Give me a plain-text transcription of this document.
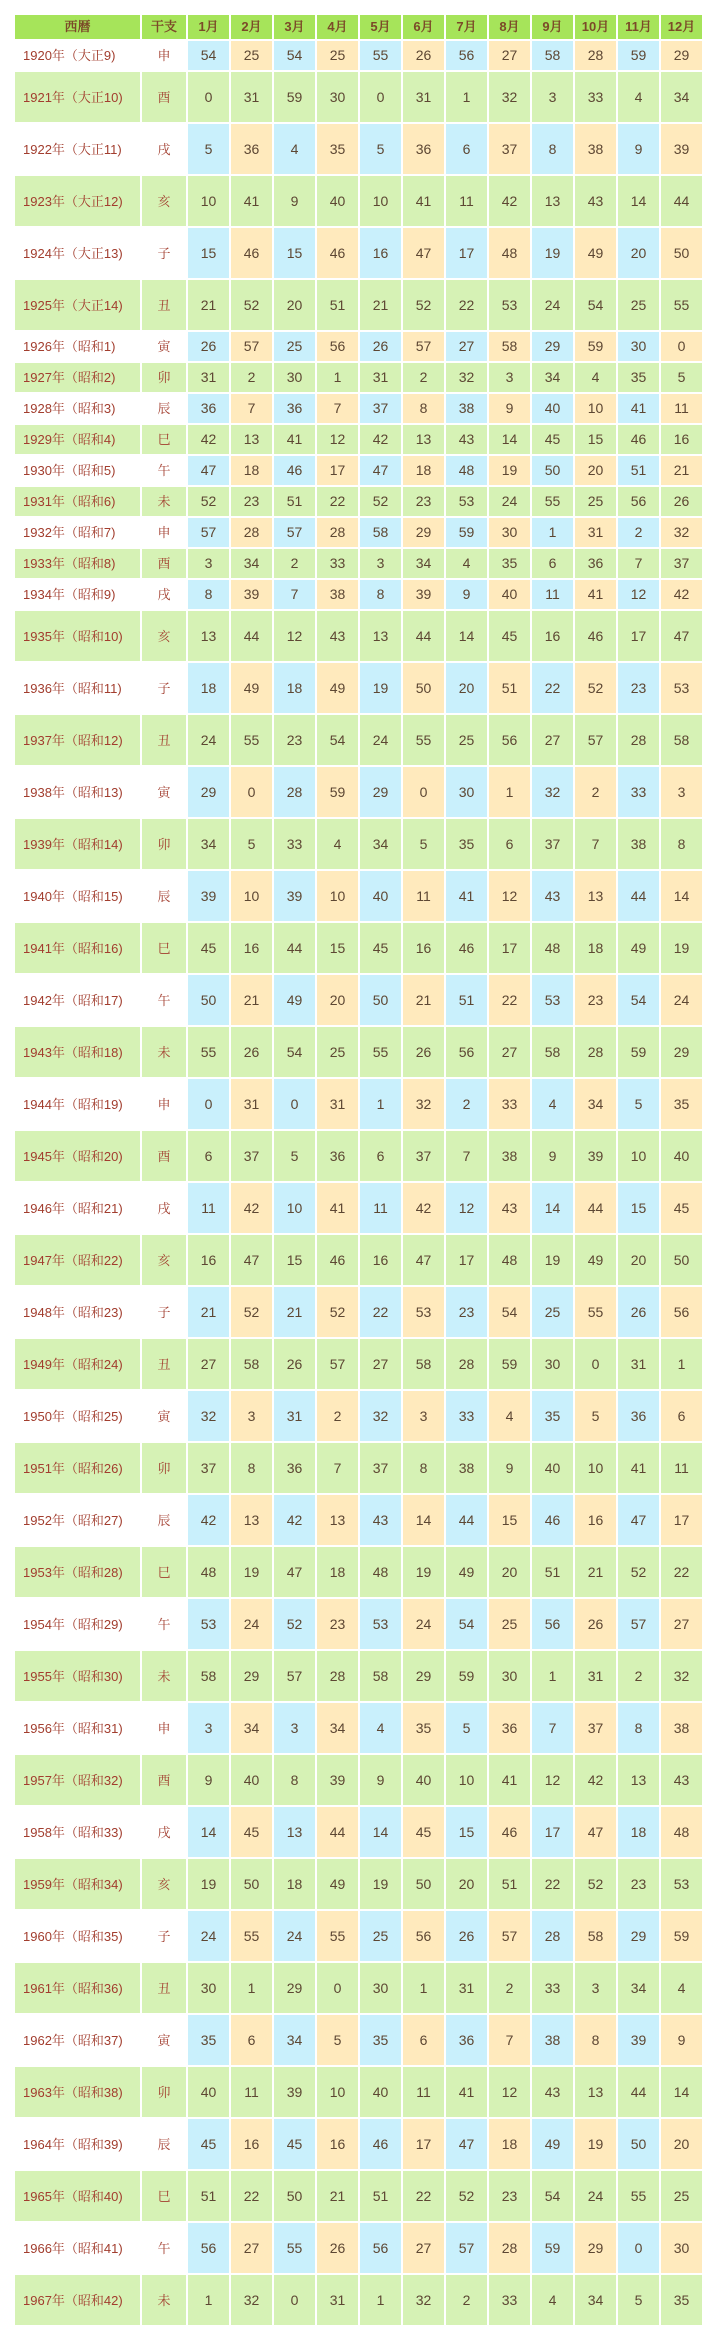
西暦	干支	1月	2月	3月	4月	5月	6月	7月	8月	9月	10月	11月	12月
1920年（大正9)	申	54	25	54	25	55	26	56	27	58	28	59	29
1921年（大正10)	酉	0	31	59	30	0	31	1	32	3	33	4	34
1922年（大正11)	戌	5	36	4	35	5	36	6	37	8	38	9	39
1923年（大正12)	亥	10	41	9	40	10	41	11	42	13	43	14	44
1924年（大正13)	子	15	46	15	46	16	47	17	48	19	49	20	50
1925年（大正14)	丑	21	52	20	51	21	52	22	53	24	54	25	55
1926年（昭和1)	寅	26	57	25	56	26	57	27	58	29	59	30	0
1927年（昭和2)	卯	31	2	30	1	31	2	32	3	34	4	35	5
1928年（昭和3)	辰	36	7	36	7	37	8	38	9	40	10	41	11
1929年（昭和4)	巳	42	13	41	12	42	13	43	14	45	15	46	16
1930年（昭和5)	午	47	18	46	17	47	18	48	19	50	20	51	21
1931年（昭和6)	未	52	23	51	22	52	23	53	24	55	25	56	26
1932年（昭和7)	申	57	28	57	28	58	29	59	30	1	31	2	32
1933年（昭和8)	酉	3	34	2	33	3	34	4	35	6	36	7	37
1934年（昭和9)	戌	8	39	7	38	8	39	9	40	11	41	12	42
1935年（昭和10)	亥	13	44	12	43	13	44	14	45	16	46	17	47
1936年（昭和11)	子	18	49	18	49	19	50	20	51	22	52	23	53
1937年（昭和12)	丑	24	55	23	54	24	55	25	56	27	57	28	58
1938年（昭和13)	寅	29	0	28	59	29	0	30	1	32	2	33	3
1939年（昭和14)	卯	34	5	33	4	34	5	35	6	37	7	38	8
1940年（昭和15)	辰	39	10	39	10	40	11	41	12	43	13	44	14
1941年（昭和16)	巳	45	16	44	15	45	16	46	17	48	18	49	19
1942年（昭和17)	午	50	21	49	20	50	21	51	22	53	23	54	24
1943年（昭和18)	未	55	26	54	25	55	26	56	27	58	28	59	29
1944年（昭和19)	申	0	31	0	31	1	32	2	33	4	34	5	35
1945年（昭和20)	酉	6	37	5	36	6	37	7	38	9	39	10	40
1946年（昭和21)	戌	11	42	10	41	11	42	12	43	14	44	15	45
1947年（昭和22)	亥	16	47	15	46	16	47	17	48	19	49	20	50
1948年（昭和23)	子	21	52	21	52	22	53	23	54	25	55	26	56
1949年（昭和24)	丑	27	58	26	57	27	58	28	59	30	0	31	1
1950年（昭和25)	寅	32	3	31	2	32	3	33	4	35	5	36	6
1951年（昭和26)	卯	37	8	36	7	37	8	38	9	40	10	41	11
1952年（昭和27)	辰	42	13	42	13	43	14	44	15	46	16	47	17
1953年（昭和28)	巳	48	19	47	18	48	19	49	20	51	21	52	22
1954年（昭和29)	午	53	24	52	23	53	24	54	25	56	26	57	27
1955年（昭和30)	未	58	29	57	28	58	29	59	30	1	31	2	32
1956年（昭和31)	申	3	34	3	34	4	35	5	36	7	37	8	38
1957年（昭和32)	酉	9	40	8	39	9	40	10	41	12	42	13	43
1958年（昭和33)	戌	14	45	13	44	14	45	15	46	17	47	18	48
1959年（昭和34)	亥	19	50	18	49	19	50	20	51	22	52	23	53
1960年（昭和35)	子	24	55	24	55	25	56	26	57	28	58	29	59
1961年（昭和36)	丑	30	1	29	0	30	1	31	2	33	3	34	4
1962年（昭和37)	寅	35	6	34	5	35	6	36	7	38	8	39	9
1963年（昭和38)	卯	40	11	39	10	40	11	41	12	43	13	44	14
1964年（昭和39)	辰	45	16	45	16	46	17	47	18	49	19	50	20
1965年（昭和40)	巳	51	22	50	21	51	22	52	23	54	24	55	25
1966年（昭和41)	午	56	27	55	26	56	27	57	28	59	29	0	30
1967年（昭和42)	未	1	32	0	31	1	32	2	33	4	34	5	35
